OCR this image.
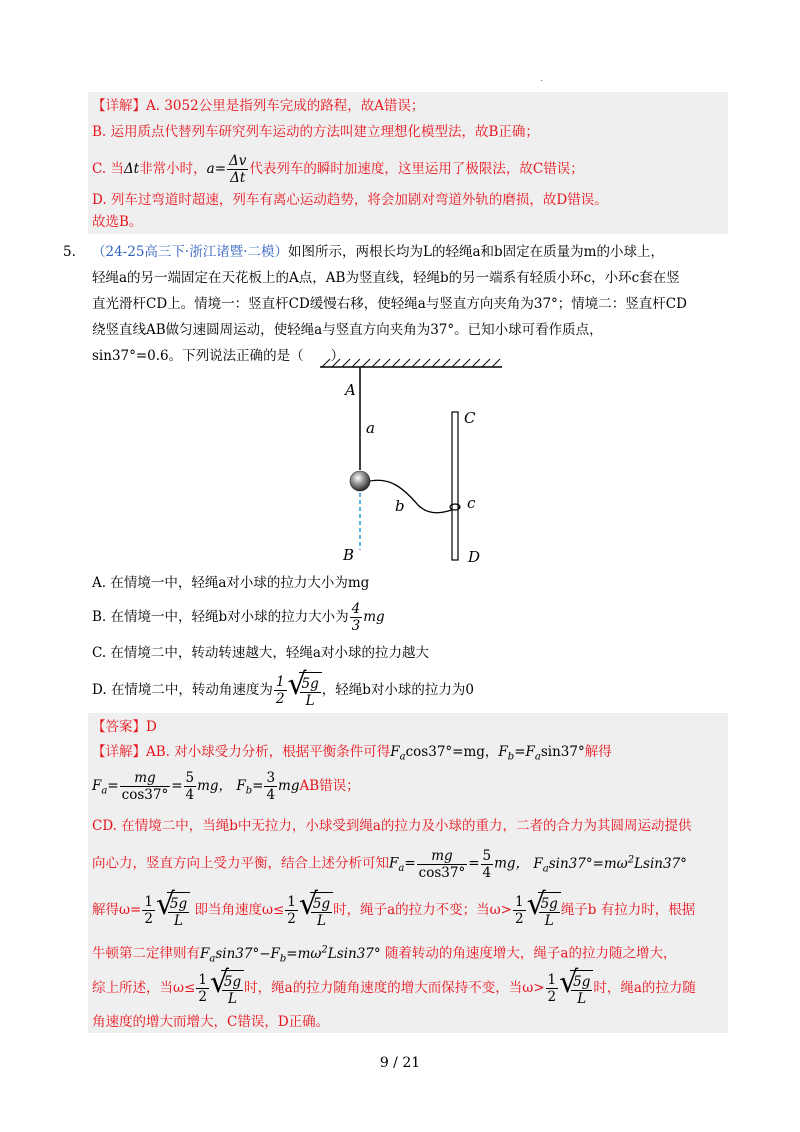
.
【详解】A. 3052公里是指列车完成的路程，故A错误；
B. 运用质点代替列车研究列车运动的方法叫建立理想化模型法，故B正确；
C. 当Δt非常小时，$a= \frac{\Delta v}{\Delta t}$ 代表列车的瞬时加速度，这里运用了极限法，故C错误；
D. 列车过弯道时超速，列车有离心运动趋势，将会加剧对弯道外轨的磨损，故D错误。
故选B。
5. （24-25高三下·浙江诸暨·二模）如图所示，两根长均为L的轻绳a和b固定在质量为m的小球上，
轻绳a的另一端固定在天花板上的A点，AB为竖直线，轻绳b的另一端系有轻质小环c，小环c套在竖
直光滑杆CD上。情境一：竖直杆CD缓慢右移，使轻绳a与竖直方向夹角为37°；情境二：竖直杆CD
绕竖直线AB做匀速圆周运动，使轻绳a与竖直方向夹角为37°。已知小球可看作质点，
sin37°=0.6。下列说法正确的是（　　）
A
a
b
B
C
c
D
A. 在情境一中，轻绳a对小球的拉力大小为mg
B. 在情境一中，轻绳b对小球的拉力大小为 $\frac{4}{3}$ mg
C. 在情境二中，转动转速越大，轻绳a对小球的拉力越大
D. 在情境二中，转动角速度为 $\frac{1}{2}$ √
$\frac{5g}{L}$ ，轻绳b对小球的拉力为0
【答案】D
【详解】AB. 对小球受力分析，根据平衡条件可得$F_a\cos 37^\circ=mg$，$F_b=F_a\sin 37^\circ$解得
$F_a= \frac{mg}{\cos 37^\circ} = \frac{5}{4}$ mg， $F_b= \frac{3}{4}$ mgAB错误；
CD. 在情境二中，当绳b中无拉力，小球受到绳a的拉力及小球的重力，二者的合力为其圆周运动提供
向心力，竖直方向上受力平衡，结合上述分析可知$F_a= \frac{mg}{\cos 37^\circ} = \frac{5}{4}$ mg， $F_a\sin 37^\circ=m\omega^2Lsin37^\circ$
解得$\omega= \frac{1}{2}$ √
$\frac{5g}{L}$ 即当角速度$\omega\le \frac{1}{2}$ √
$\frac{5g}{L}$ 时，绳子a的拉力不变；当$\omega> \frac{1}{2}$ √
$\frac{5g}{L}$ 绳子b 有拉力时，根据
牛顿第二定律则有$F_a\sin 37^\circ-F_b=m\omega^2Lsin37^\circ$ 随着转动的角速度增大，绳子a的拉力随之增大，
综上所述，当$\omega\le \frac{1}{2}$ √
$\frac{5g}{L}$ 时，绳a的拉力随角速度的增大而保持不变，当$\omega> \frac{1}{2}$ √
$\frac{5g}{L}$ 时，绳a的拉力随
角速度的增大而增大，C错误，D正确。
9 / 21
